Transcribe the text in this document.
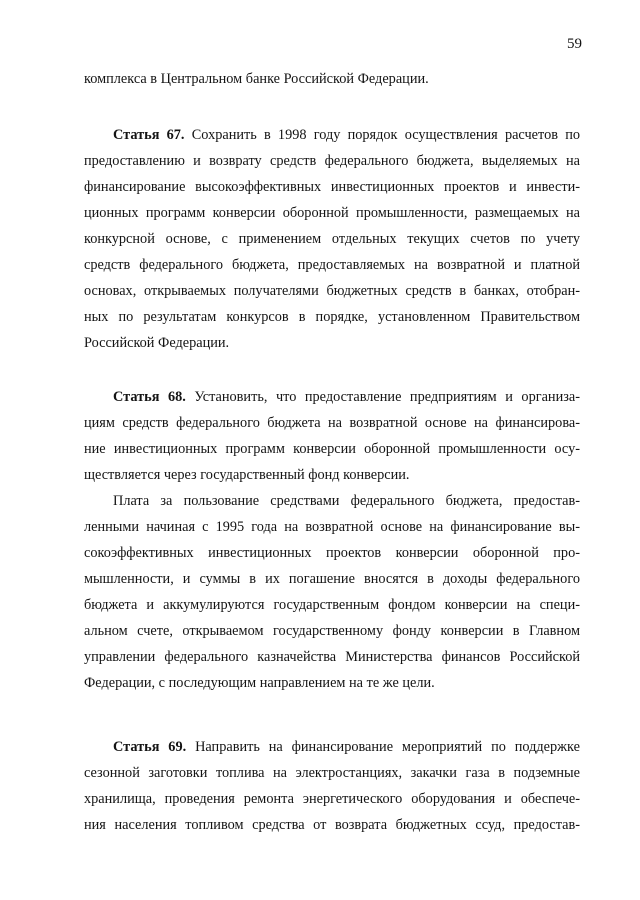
59
комплекса в Центральном банке Российской Федерации.
Статья 67. Сохранить в 1998 году порядок осуществления расчетов по
предоставлению и возврату средств федерального бюджета, выделяемых на
финансирование высокоэффективных инвестиционных проектов и инвести-
ционных программ конверсии оборонной промышленности, размещаемых на
конкурсной основе, с применением отдельных текущих счетов по учету
средств федерального бюджета, предоставляемых на возвратной и платной
основах, открываемых получателями бюджетных средств в банках, отобран-
ных по результатам конкурсов в порядке, установленном Правительством
Российской Федерации.
Статья 68. Установить, что предоставление предприятиям и организа-
циям средств федерального бюджета на возвратной основе на финансирова-
ние инвестиционных программ конверсии оборонной промышленности осу-
ществляется через государственный фонд конверсии.
Плата за пользование средствами федерального бюджета, предостав-
ленными начиная с 1995 года на возвратной основе на финансирование вы-
сокоэффективных инвестиционных проектов конверсии оборонной про-
мышленности, и суммы в их погашение вносятся в доходы федерального
бюджета и аккумулируются государственным фондом конверсии на специ-
альном счете, открываемом государственному фонду конверсии в Главном
управлении федерального казначейства Министерства финансов Российской
Федерации, с последующим направлением на те же цели.
Статья 69. Направить на финансирование мероприятий по поддержке
сезонной заготовки топлива на электростанциях, закачки газа в подземные
хранилища, проведения ремонта энергетического оборудования и обеспече-
ния населения топливом средства от возврата бюджетных ссуд, предостав-
